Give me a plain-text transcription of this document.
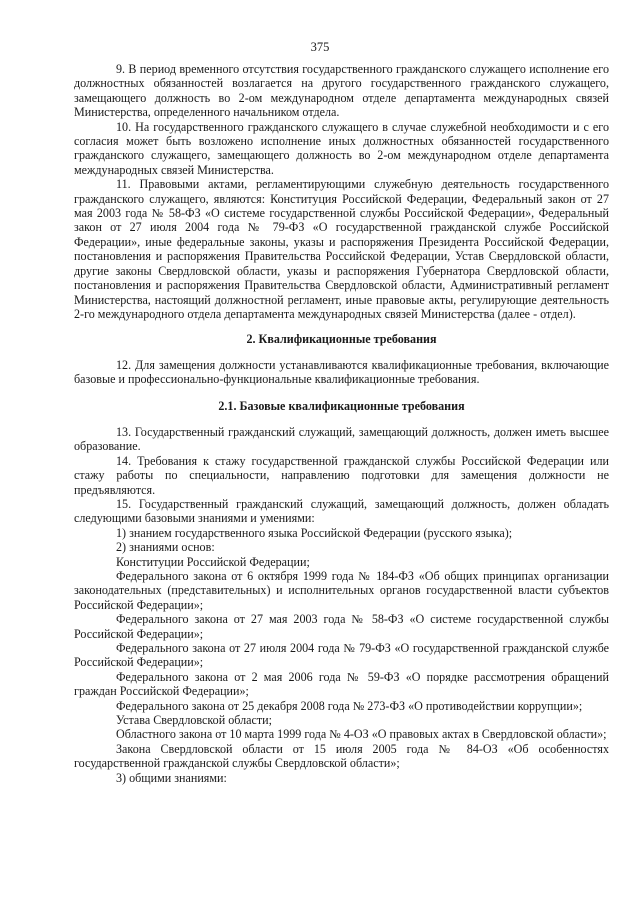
375

9. В период временного отсутствия государственного гражданского служащего исполнение его должностных обязанностей возлагается на другого государственного гражданского служащего, замещающего должность во 2-ом международном отделе департамента международных связей Министерства, определенного начальником отдела.

10. На государственного гражданского служащего в случае служебной необходимости и с его согласия может быть возложено исполнение иных должностных обязанностей государственного гражданского служащего, замещающего должность во 2-ом международном отделе департамента международных связей Министерства.

11. Правовыми актами, регламентирующими служебную деятельность государственного гражданского служащего, являются: Конституция Российской Федерации, Федеральный закон от 27 мая 2003 года № 58-ФЗ «О системе государственной службы Российской Федерации», Федеральный закон от 27 июля 2004 года № 79-ФЗ «О государственной гражданской службе Российской Федерации», иные федеральные законы, указы и распоряжения Президента Российской Федерации, постановления и распоряжения Правительства Российской Федерации, Устав Свердловской области, другие законы Свердловской области, указы и распоряжения Губернатора Свердловской области, постановления и распоряжения Правительства Свердловской области, Административный регламент Министерства, настоящий должностной регламент, иные правовые акты, регулирующие деятельность 2-го международного отдела департамента международных связей Министерства (далее - отдел).

2. Квалификационные требования

12. Для замещения должности устанавливаются квалификационные требования, включающие базовые и профессионально-функциональные квалификационные требования.

2.1. Базовые квалификационные требования

13. Государственный гражданский служащий, замещающий должность, должен иметь высшее образование.

14. Требования к стажу государственной гражданской службы Российской Федерации или стажу работы по специальности, направлению подготовки для замещения должности не предъявляются.

15. Государственный гражданский служащий, замещающий должность, должен обладать следующими базовыми знаниями и умениями:

1) знанием государственного языка Российской Федерации (русского языка);

2) знаниями основ:

Конституции Российской Федерации;

Федерального закона от 6 октября 1999 года № 184-ФЗ «Об общих принципах организации законодательных (представительных) и исполнительных органов государственной власти субъектов Российской Федерации»;

Федерального закона от 27 мая 2003 года № 58-ФЗ «О системе государственной службы Российской Федерации»;

Федерального закона от 27 июля 2004 года № 79-ФЗ «О государственной гражданской службе Российской Федерации»;

Федерального закона от 2 мая 2006 года № 59-ФЗ «О порядке рассмотрения обращений граждан Российской Федерации»;

Федерального закона от 25 декабря 2008 года № 273-ФЗ «О противодействии коррупции»;

Устава Свердловской области;

Областного закона от 10 марта 1999 года № 4-ОЗ «О правовых актах в Свердловской области»;

Закона Свердловской области от 15 июля 2005 года № 84-ОЗ «Об особенностях государственной гражданской службы Свердловской области»;

3) общими знаниями:
